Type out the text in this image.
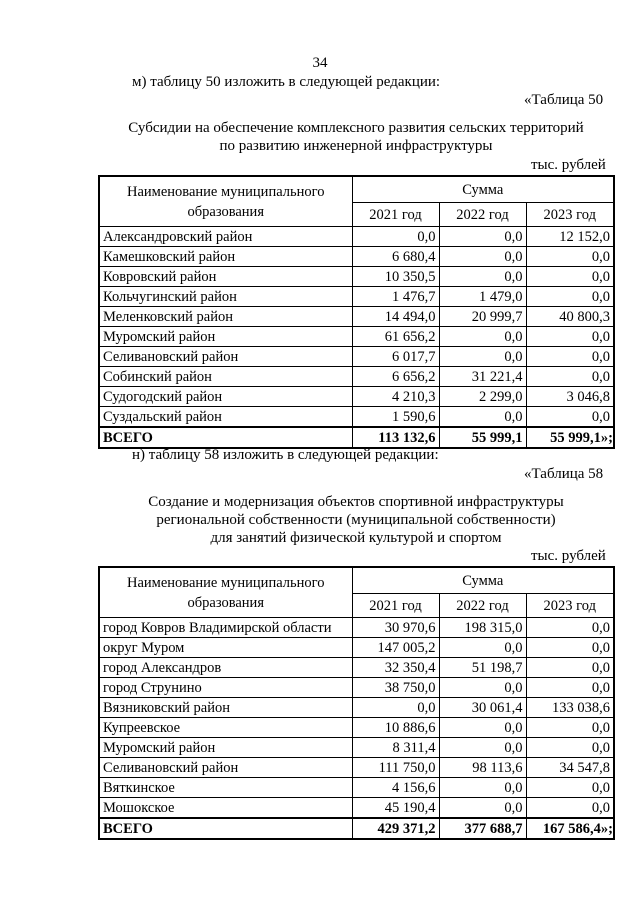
34
м) таблицу 50 изложить в следующей редакции:
«Таблица 50
Субсидии на обеспечение комплексного развития сельских территорий
по развитию инженерной инфраструктуры
тыс. рублей
Наименование муниципального
образования	Сумма		
	2021 год	2022 год	2023 год
Александровский район	0,0	0,0	12 152,0
Камешковский район	6 680,4	0,0	0,0
Ковровский район	10 350,5	0,0	0,0
Кольчугинский район	1 476,7	1 479,0	0,0
Меленковский район	14 494,0	20 999,7	40 800,3
Муромский район	61 656,2	0,0	0,0
Селивановский район	6 017,7	0,0	0,0
Собинский район	6 656,2	31 221,4	0,0
Судогодский район	4 210,3	2 299,0	3 046,8
Суздальский район	1 590,6	0,0	0,0
ВСЕГО	113 132,6	55 999,1	55 999,1»;
н) таблицу 58 изложить в следующей редакции:
«Таблица 58
Создание и модернизация объектов спортивной инфраструктуры
региональной собственности (муниципальной собственности)
для занятий физической культурой и спортом
тыс. рублей
Наименование муниципального
образования	Сумма		
	2021 год	2022 год	2023 год
город Ковров Владимирской области	30 970,6	198 315,0	0,0
округ Муром	147 005,2	0,0	0,0
город Александров	32 350,4	51 198,7	0,0
город Струнино	38 750,0	0,0	0,0
Вязниковский район	0,0	30 061,4	133 038,6
Купреевское	10 886,6	0,0	0,0
Муромский район	8 311,4	0,0	0,0
Селивановский район	111 750,0	98 113,6	34 547,8
Вяткинское	4 156,6	0,0	0,0
Мошокское	45 190,4	0,0	0,0
ВСЕГО	429 371,2	377 688,7	167 586,4»;
